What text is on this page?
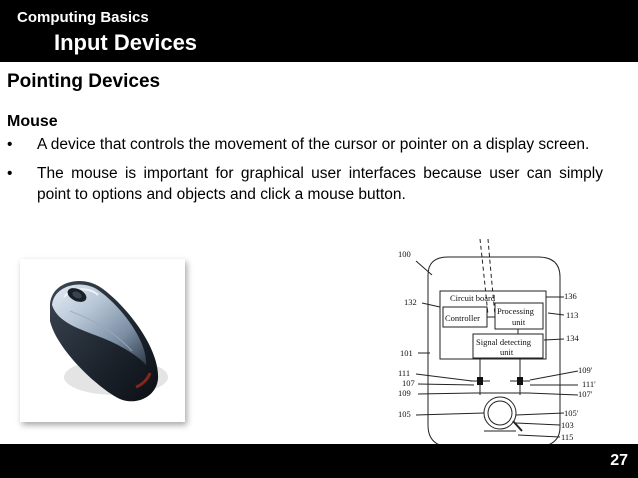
Computing Basics
Input Devices
Pointing Devices
Mouse
• A device that controls the movement of the cursor or pointer on a display screen.
• The mouse is important for graphical user interfaces because user can simply point to options and objects and click a mouse button.
Circuit board
Controller
Processing
unit
Signal detecting
unit
100
132
101
111
107
109
105
136
113
134
109'
111'
107'
105'
103
115
27
